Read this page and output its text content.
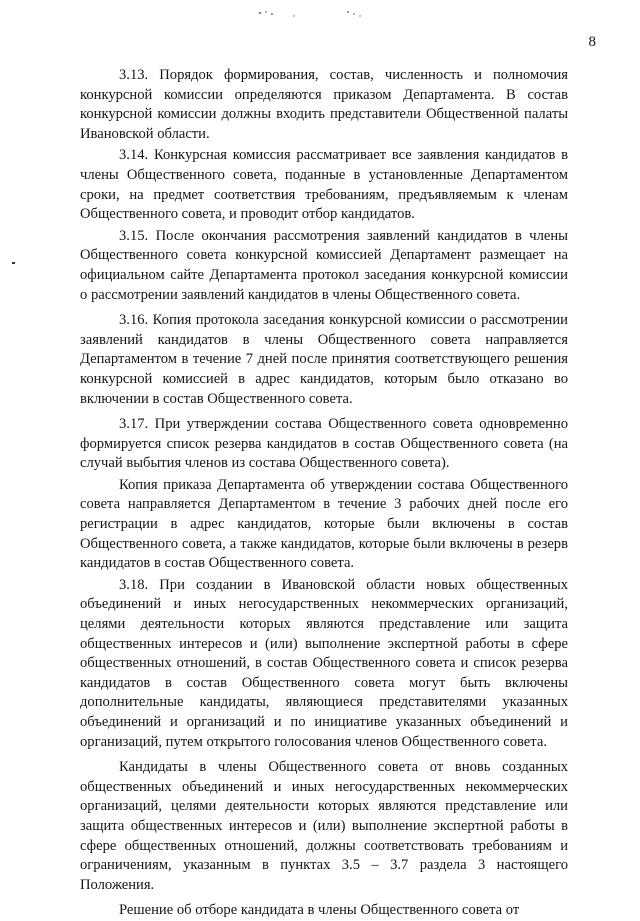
8

3.13. Порядок формирования, состав, численность и полномочия конкурсной комиссии определяются приказом Департамента. В состав конкурсной комиссии должны входить представители Общественной палаты Ивановской области.

3.14. Конкурсная комиссия рассматривает все заявления кандидатов в члены Общественного совета, поданные в установленные Департаментом сроки, на предмет соответствия требованиям, предъявляемым к членам Общественного совета, и проводит отбор кандидатов.

3.15. После окончания рассмотрения заявлений кандидатов в члены Общественного совета конкурсной комиссией Департамент размещает на официальном сайте Департамента протокол заседания конкурсной комиссии о рассмотрении заявлений кандидатов в члены Общественного совета.

3.16. Копия протокола заседания конкурсной комиссии о рассмотрении заявлений кандидатов в члены Общественного совета направляется Департаментом в течение 7 дней после принятия соответствующего решения конкурсной комиссией в адрес кандидатов, которым было отказано во включении в состав Общественного совета.

3.17. При утверждении состава Общественного совета одновременно формируется список резерва кандидатов в состав Общественного совета (на случай выбытия членов из состава Общественного совета).

Копия приказа Департамента об утверждении состава Общественного совета направляется Департаментом в течение 3 рабочих дней после его регистрации в адрес кандидатов, которые были включены в состав Общественного совета, а также кандидатов, которые были включены в резерв кандидатов в состав Общественного совета.

3.18. При создании в Ивановской области новых общественных объединений и иных негосударственных некоммерческих организаций, целями деятельности которых являются представление или защита общественных интересов и (или) выполнение экспертной работы в сфере общественных отношений, в состав Общественного совета и список резерва кандидатов в состав Общественного совета могут быть включены дополнительные кандидаты, являющиеся представителями указанных объединений и организаций и по инициативе указанных объединений и организаций, путем открытого голосования членов Общественного совета.

Кандидаты в члены Общественного совета от вновь созданных общественных объединений и иных негосударственных некоммерческих организаций, целями деятельности которых являются представление или защита общественных интересов и (или) выполнение экспертной работы в сфере общественных отношений, должны соответствовать требованиям и ограничениям, указанным в пунктах 3.5 – 3.7 раздела 3 настоящего Положения.

Решение об отборе кандидата в члены Общественного совета от
